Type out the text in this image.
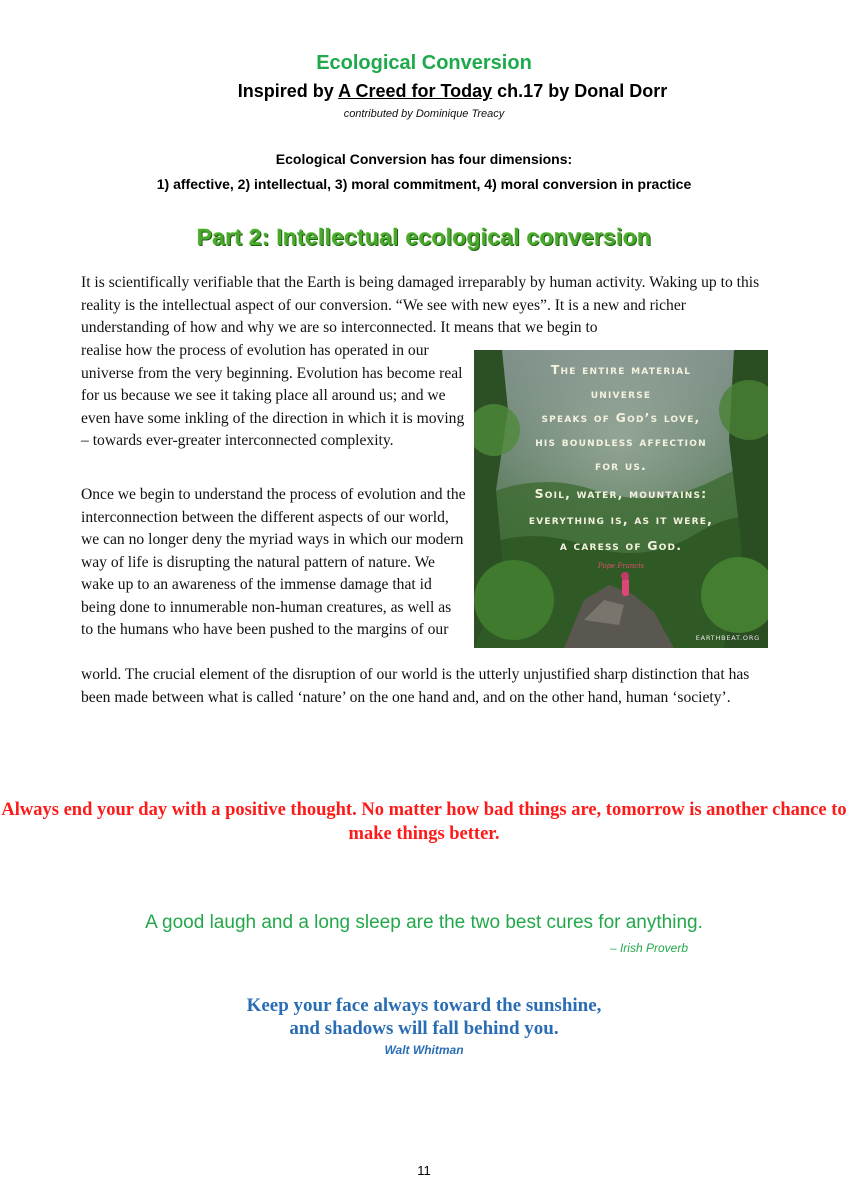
Ecological Conversion
Inspired by A Creed for Today ch.17 by Donal Dorr
contributed by Dominique Treacy
Ecological Conversion has four dimensions:
1) affective, 2) intellectual, 3) moral commitment, 4) moral conversion in practice
Part 2: Intellectual ecological conversion
It is scientifically verifiable that the Earth is being damaged irreparably by human activity. Waking up to this reality is the intellectual aspect of our conversion. “We see with new eyes”. It is a new and richer understanding of how and why we are so interconnected. It means that we begin to
realise how the process of evolution has operated in our universe from the very beginning. Evolution has become real for us because we see it taking place all around us; and we even have some inkling of the direction in which it is moving – towards ever-greater interconnected complexity.
Once we begin to understand the process of evolution and the interconnection between the different aspects of our world, we can no longer deny the myriad ways in which our modern way of life is disrupting the natural pattern of nature. We wake up to an awareness of the immense damage that id being done to innumerable non-human creatures, as well as to the humans who have been pushed to the margins of our
world. The crucial element of the disruption of our world is the utterly unjustified sharp distinction that has been made between what is called ‘nature’ on the one hand and, and on the other hand, human ‘society’.
The entire material
universe
speaks of God’s love,
his boundless affection
for us.
Soil, water, mountains:
everything is, as it were,
a caress of God.
Pope Francis
EARTHBEAT.ORG
Always end your day with a positive thought. No matter how bad things are, tomorrow is another chance to make things better.
A good laugh and a long sleep are the two best cures for anything.
– Irish Proverb
Keep your face always toward the sunshine,
and shadows will fall behind you.
Walt Whitman
11
